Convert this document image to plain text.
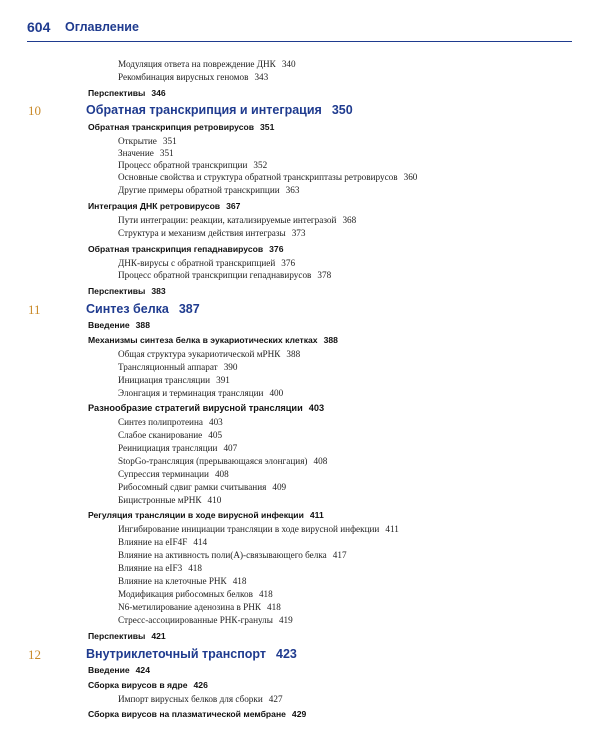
604 Оглавление
Модуляция ответа на повреждение ДНК 340
Рекомбинация вирусных геномов 343
Перспективы 346
10	Обратная транскрипция и интеграция 350
Обратная транскрипция ретровирусов 351
Открытие 351
Значение 351
Процесс обратной транскрипции 352
Основные свойства и структура обратной транскриптазы ретровирусов 360
Другие примеры обратной транскрипции 363
Интеграция ДНК ретровирусов 367
Пути интеграции: реакции, катализируемые интегразой 368
Структура и механизм действия интегразы 373
Обратная транскрипция гепаднавирусов 376
ДНК-вирусы с обратной транскрипцией 376
Процесс обратной транскрипции гепаднавирусов 378
Перспективы 383
11	Синтез белка 387
Введение 388
Механизмы синтеза белка в эукариотических клетках 388
Общая структура эукариотической мРНК 388
Трансляционный аппарат 390
Инициация трансляции 391
Элонгация и терминация трансляции 400
Разнообразие стратегий вирусной трансляции 403
Синтез полипротеина 403
Слабое сканирование 405
Реинициация трансляции 407
StopGo-трансляция (прерывающаяся элонгация) 408
Супрессия терминации 408
Рибосомный сдвиг рамки считывания 409
Бицистронные мРНК 410
Регуляция трансляции в ходе вирусной инфекции 411
Ингибирование инициации трансляции в ходе вирусной инфекции 411
Влияние на eIF4F 414
Влияние на активность поли(А)-связывающего белка 417
Влияние на eIF3 418
Влияние на клеточные РНК 418
Модификация рибосомных белков 418
N6-метилирование аденозина в РНК 418
Стресс-ассоциированные РНК-гранулы 419
Перспективы 421
12	Внутриклеточный транспорт 423
Введение 424
Сборка вирусов в ядре 426
Импорт вирусных белков для сборки 427
Сборка вирусов на плазматической мембране 429
